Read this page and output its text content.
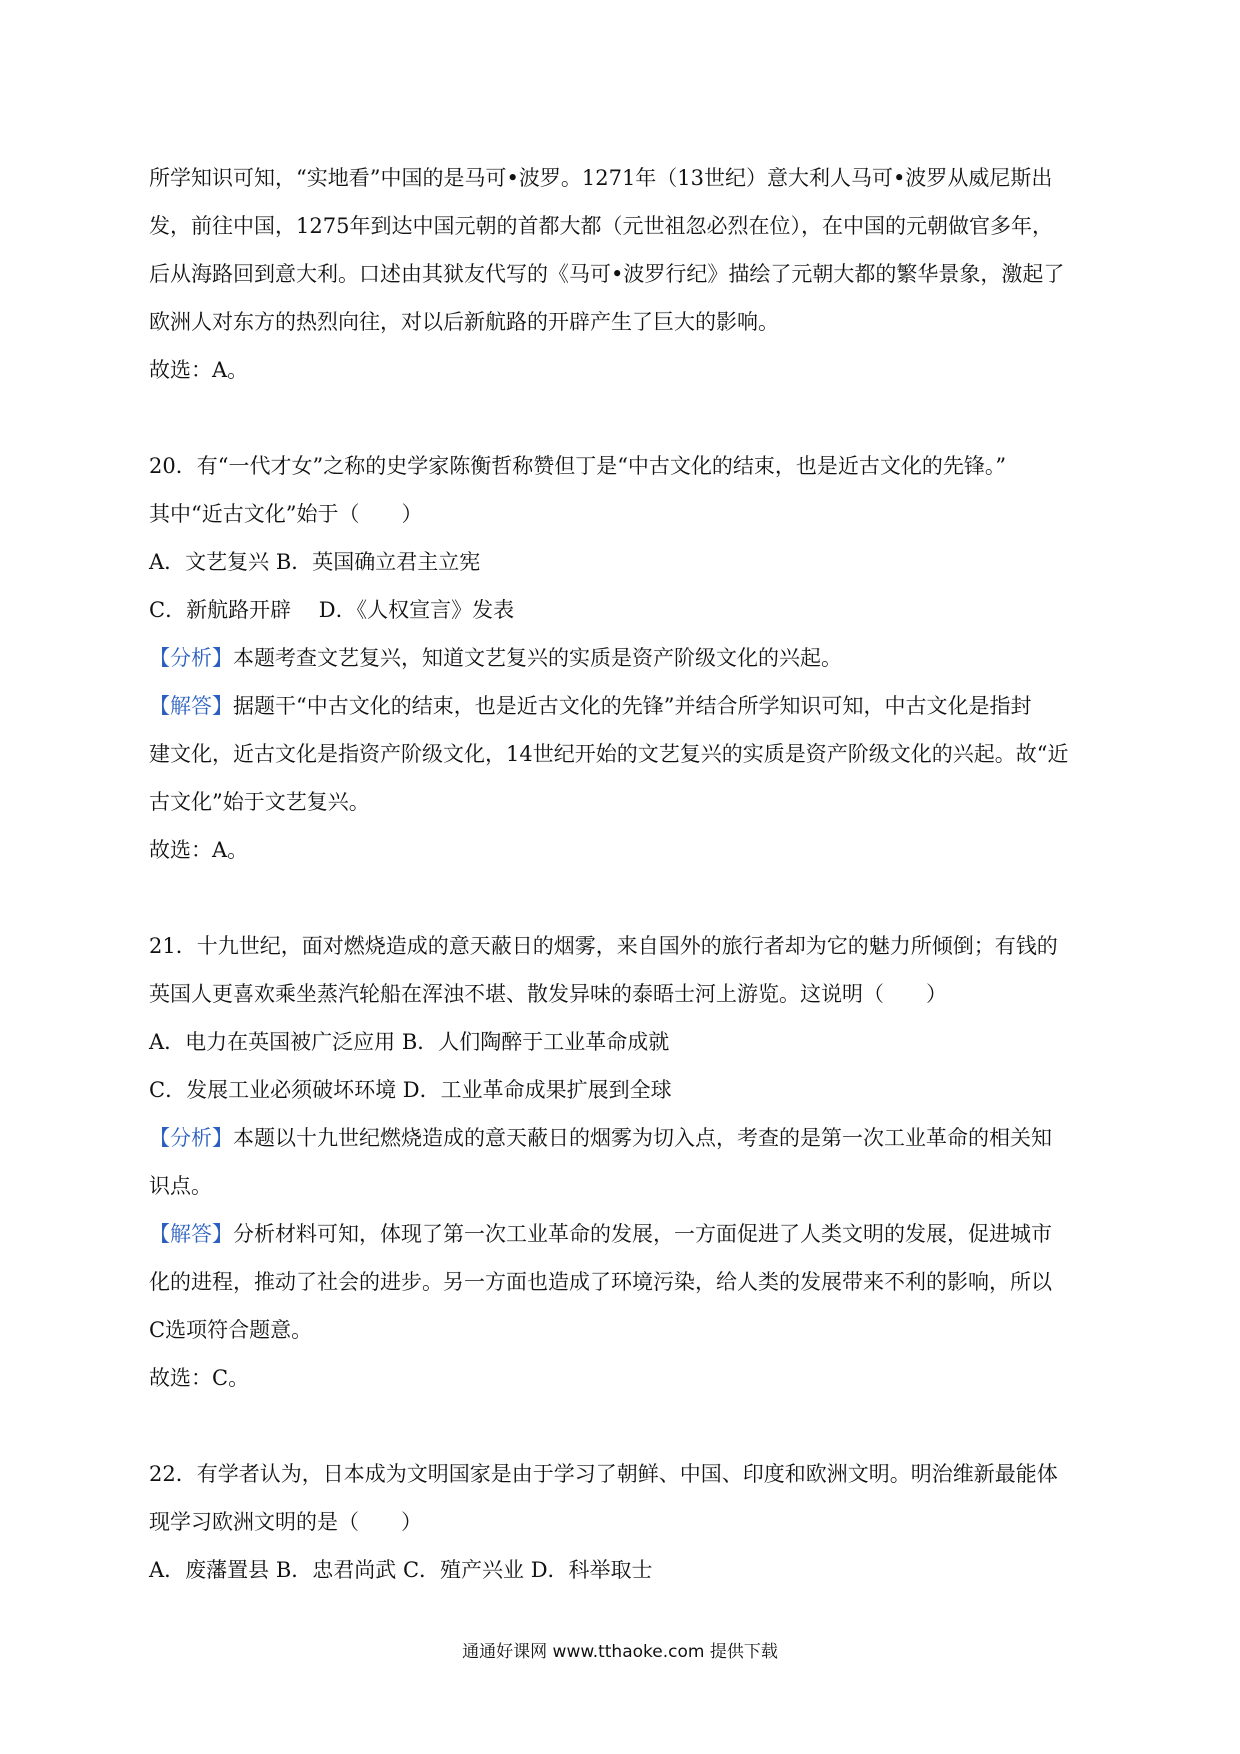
所学知识可知，“实地看”中国的是马可•波罗。1271年（13世纪）意大利人马可•波罗从威尼斯出

发，前往中国，1275年到达中国元朝的首都大都（元世祖忽必烈在位），在中国的元朝做官多年，

后从海路回到意大利。口述由其狱友代写的《马可•波罗行纪》描绘了元朝大都的繁华景象，激起了

欧洲人对东方的热烈向往，对以后新航路的开辟产生了巨大的影响。

故选：A。

20．有“一代才女”之称的史学家陈衡哲称赞但丁是“中古文化的结束，也是近古文化的先锋。”

其中“近古文化”始于（　　）

A．文艺复兴 B．英国确立君主立宪

C．新航路开辟　 D．《人权宣言》发表

【分析】本题考查文艺复兴，知道文艺复兴的实质是资产阶级文化的兴起。

【解答】据题干“中古文化的结束，也是近古文化的先锋”并结合所学知识可知，中古文化是指封

建文化，近古文化是指资产阶级文化，14世纪开始的文艺复兴的实质是资产阶级文化的兴起。故“近

古文化”始于文艺复兴。

故选：A。

21．十九世纪，面对燃烧造成的意天蔽日的烟雾，来自国外的旅行者却为它的魅力所倾倒；有钱的

英国人更喜欢乘坐蒸汽轮船在浑浊不堪、散发异味的泰晤士河上游览。这说明（　　）

A．电力在英国被广泛应用 B．人们陶醉于工业革命成就

C．发展工业必须破坏环境 D．工业革命成果扩展到全球

【分析】本题以十九世纪燃烧造成的意天蔽日的烟雾为切入点，考查的是第一次工业革命的相关知

识点。

【解答】分析材料可知，体现了第一次工业革命的发展，一方面促进了人类文明的发展，促进城市

化的进程，推动了社会的进步。另一方面也造成了环境污染，给人类的发展带来不利的影响，所以

C选项符合题意。

故选：C。

22．有学者认为，日本成为文明国家是由于学习了朝鲜、中国、印度和欧洲文明。明治维新最能体

现学习欧洲文明的是（　　）

A．废藩置县 B．忠君尚武 C．殖产兴业 D．科举取士

通通好课网 www.tthaoke.com 提供下载
